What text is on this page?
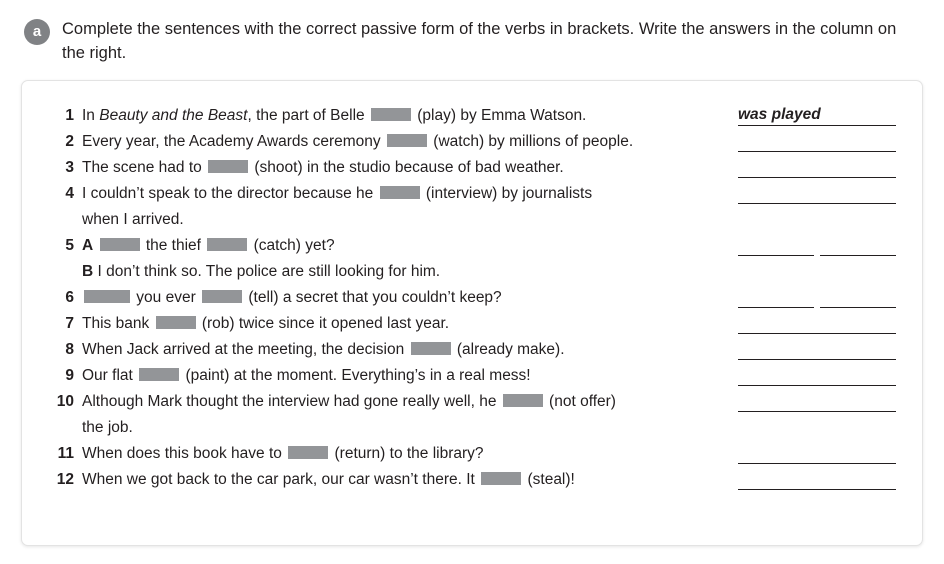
a	Complete the sentences with the correct passive form of the verbs in brackets. Write the answers in the column on the right.
1 In Beauty and the Beast, the part of Belle	(play) by Emma Watson.	was played
2 Every year, the Academy Awards ceremony	(watch) by millions of people.
3 The scene had to	(shoot) in the studio because of bad weather.
4 I couldn’t speak to the director because he	(interview) by journalists
when I arrived.
5 A	the thief	(catch) yet?
B I don’t think so. The police are still looking for him.
6	you ever	(tell) a secret that you couldn’t keep?
7 This bank	(rob) twice since it opened last year.
8 When Jack arrived at the meeting, the decision	(already make).
9 Our flat	(paint) at the moment. Everything’s in a real mess!
10 Although Mark thought the interview had gone really well, he	(not offer)
the job.
11 When does this book have to	(return) to the library?
12 When we got back to the car park, our car wasn’t there. It	(steal)!
